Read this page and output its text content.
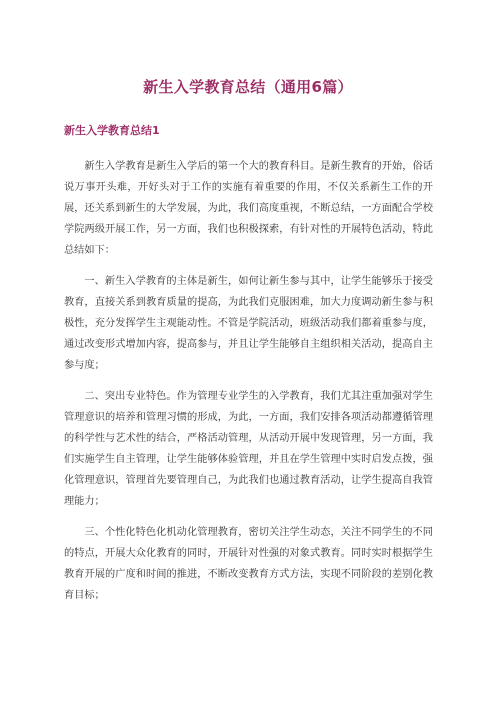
新生入学教育总结（通用6篇）
新生入学教育总结1

新生入学教育是新生入学后的第一个大的教育科目。是新生教育的开始，俗话说万事开头难，开好头对于工作的实施有着重要的作用，不仅关系新生工作的开展，还关系到新生的大学发展，为此，我们高度重视，不断总结，一方面配合学校学院两级开展工作，另一方面，我们也积极探索，有针对性的开展特色活动，特此总结如下：

一、新生入学教育的主体是新生，如何让新生参与其中，让学生能够乐于接受教育，直接关系到教育质量的提高，为此我们克服困难，加大力度调动新生参与积极性，充分发挥学生主观能动性。不管是学院活动，班级活动我们都着重参与度，通过改变形式增加内容，提高参与，并且让学生能够自主组织相关活动，提高自主参与度；

二、突出专业特色。作为管理专业学生的入学教育，我们尤其注重加强对学生管理意识的培养和管理习惯的形成，为此，一方面，我们安排各项活动都遵循管理的科学性与艺术性的结合，严格活动管理，从活动开展中发现管理，另一方面，我们实施学生自主管理，让学生能够体验管理，并且在学生管理中实时启发点拨，强化管理意识，管理首先要管理自己，为此我们也通过教育活动，让学生提高自我管理能力；

三、个性化特色化机动化管理教育，密切关注学生动态，关注不同学生的不同的特点，开展大众化教育的同时，开展针对性强的对象式教育。同时实时根据学生教育开展的广度和时间的推进，不断改变教育方式方法，实现不同阶段的差别化教育目标；
